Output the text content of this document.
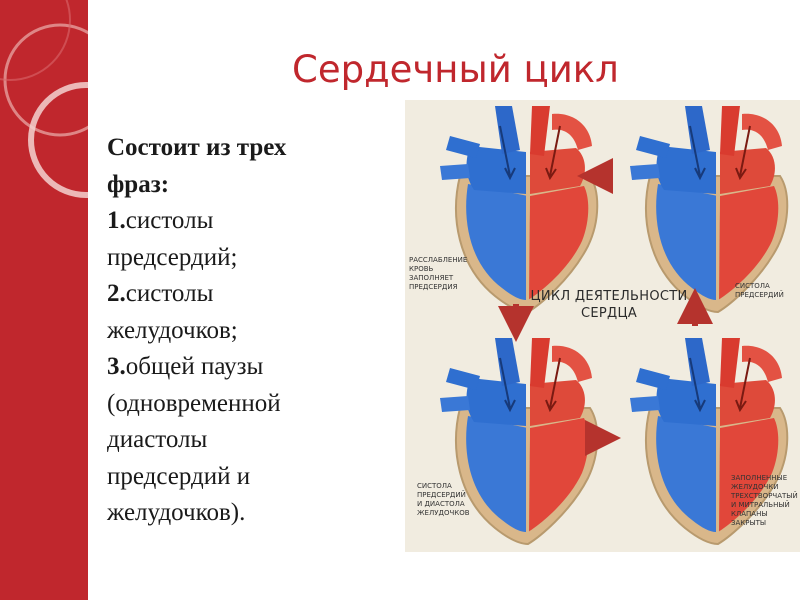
Сердечный цикл
Состоит из трех
фраз:
1.систолы
предсердий;
2.систолы
желудочков;
3.общей паузы
(одновременной
диастолы
предсердий и
желудочков).
ЦИКЛ ДЕЯТЕЛЬНОСТИ
СЕРДЦА
РАССЛАБЛЕНИЕ
КРОВЬ
ЗАПОЛНЯЕТ
ПРЕДСЕРДИЯ	СИСТОЛА
ПРЕДСЕРДИЙ
СИСТОЛА
ПРЕДСЕРДИЙ
И ДИАСТОЛА
ЖЕЛУДОЧКОВ
ЗАПОЛНЕННЫЕ
ЖЕЛУДОЧКИ
ТРЕХСТВОРЧАТЫЙ
И МИТРАЛЬНЫЙ
КЛАПАНЫ
ЗАКРЫТЫ
